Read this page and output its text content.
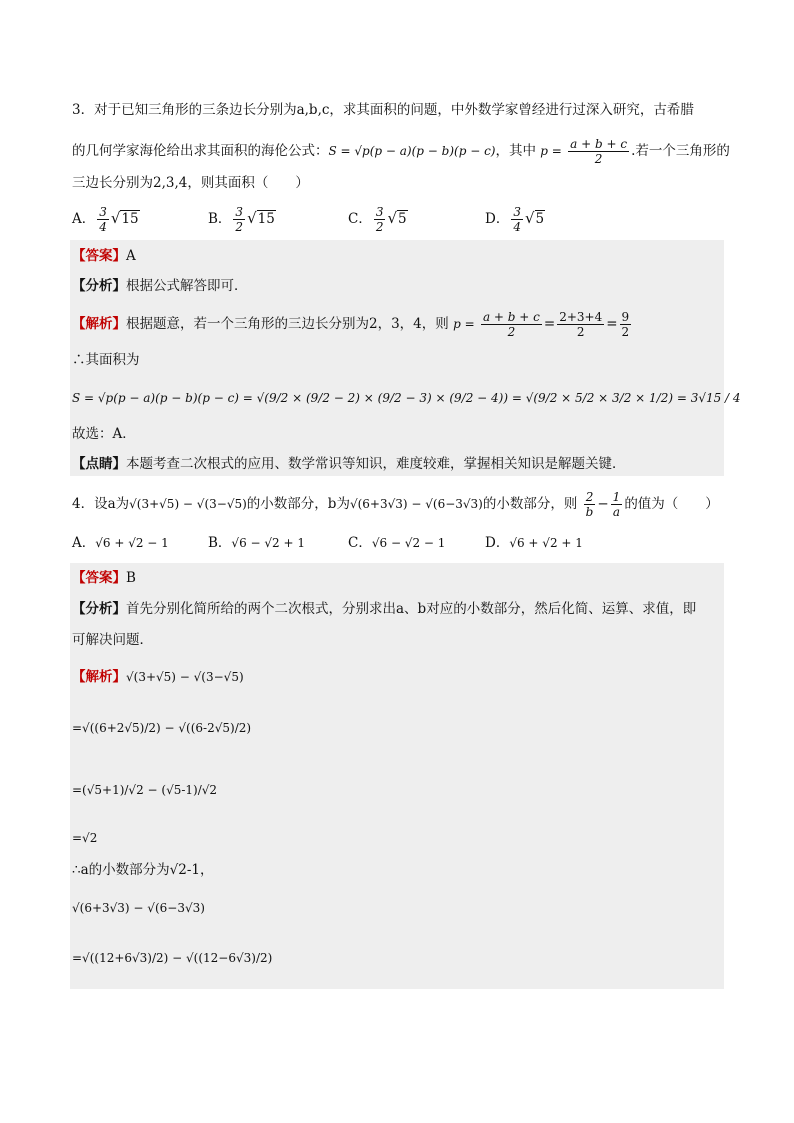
3．对于已知三角形的三条边长分别为a,b,c，求其面积的问题，中外数学家曾经进行过深入研究，古希腊
的几何学家海伦给出求其面积的海伦公式：S = √p(p − a)(p − b)(p − c)，其中 $p = \frac{a + b + c}{2}$ .若一个三角形的
三边长分别为2,3,4，则其面积（　　）
A． $\frac{3}{4} √15$	B． $\frac{3}{2} √15$	C． $\frac{3}{2} √5$	D． $\frac{3}{4} √5$
【答案】A
【分析】根据公式解答即可．
【解析】根据题意，若一个三角形的三边长分别为2，3，4，则 $p = \frac{a + b + c}{2} = \frac{2+3+4}{2} = \frac{9}{2}$
∴其面积为
S = √p(p − a)(p − b)(p − c) = √(9/2 × (9/2 − 2) × (9/2 − 3) × (9/2 − 4)) = √(9/2 × 5/2 × 3/2 × 1/2) = 3√15 / 4
故选：A．
【点睛】本题考查二次根式的应用、数学常识等知识，难度较难，掌握相关知识是解题关键．
4．设a为√(3+√5) − √(3−√5)的小数部分，b为√(6+3√3) − √(6−3√3)的小数部分，则 $\frac{2}{b} - \frac{1}{a}$ 的值为（　　）
A．√6 + √2 − 1	B．√6 − √2 + 1	C．√6 − √2 − 1	D．√6 + √2 + 1
【答案】B
【分析】首先分别化简所给的两个二次根式，分别求出a、b对应的小数部分，然后化简、运算、求值，即
可解决问题．
【解析】√(3+√5) − √(3−√5)
=√((6+2√5)/2) − √((6-2√5)/2)
=(√5+1)/√2 − (√5-1)/√2
=√2
∴a的小数部分为√2-1，
√(6+3√3) − √(6−3√3)
=√((12+6√3)/2) − √((12−6√3)/2)
